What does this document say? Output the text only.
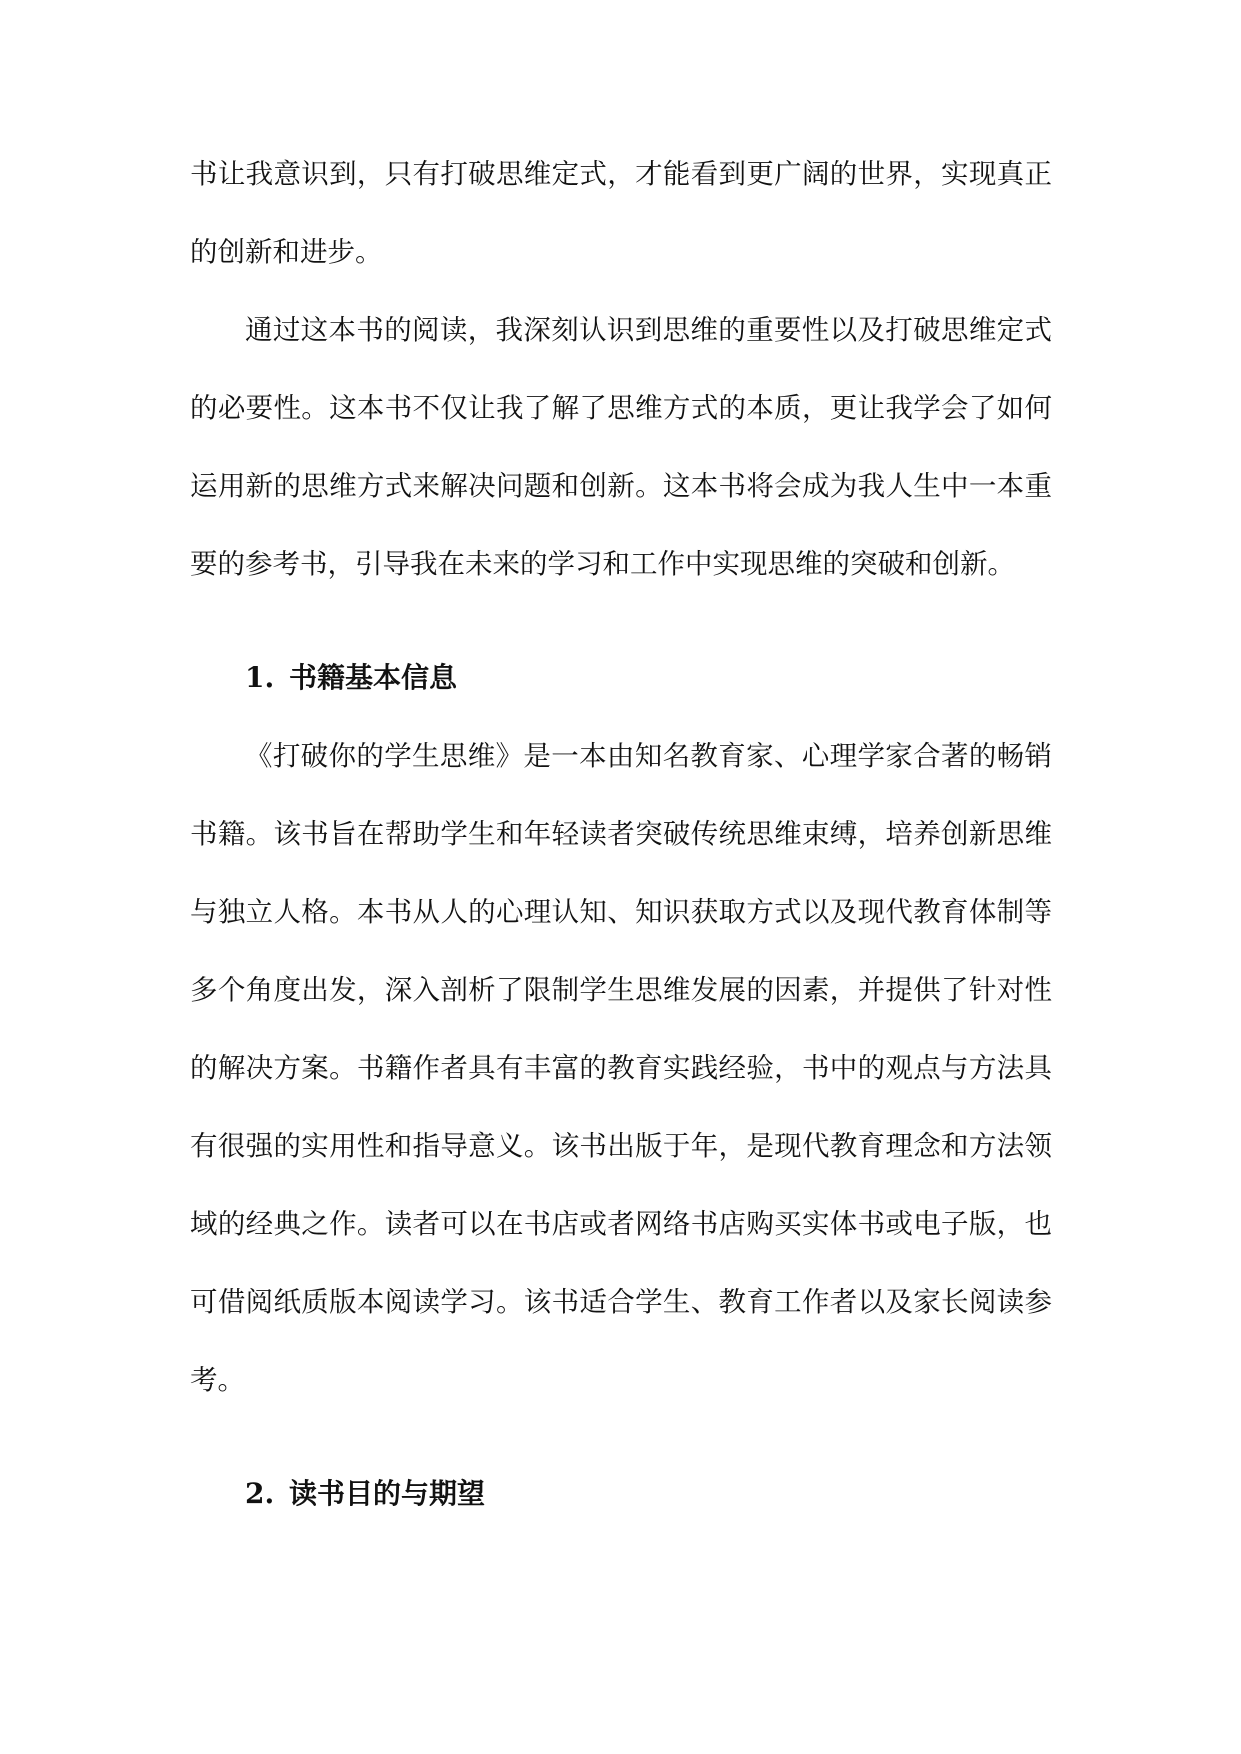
书让我意识到，只有打破思维定式，才能看到更广阔的世界，实现真正的创新和进步。

通过这本书的阅读，我深刻认识到思维的重要性以及打破思维定式的必要性。这本书不仅让我了解了思维方式的本质，更让我学会了如何运用新的思维方式来解决问题和创新。这本书将会成为我人生中一本重要的参考书，引导我在未来的学习和工作中实现思维的突破和创新。

1. 书籍基本信息

《打破你的学生思维》是一本由知名教育家、心理学家合著的畅销书籍。该书旨在帮助学生和年轻读者突破传统思维束缚，培养创新思维与独立人格。本书从人的心理认知、知识获取方式以及现代教育体制等多个角度出发，深入剖析了限制学生思维发展的因素，并提供了针对性的解决方案。书籍作者具有丰富的教育实践经验，书中的观点与方法具有很强的实用性和指导意义。该书出版于年，是现代教育理念和方法领域的经典之作。读者可以在书店或者网络书店购买实体书或电子版，也可借阅纸质版本阅读学习。该书适合学生、教育工作者以及家长阅读参考。

2. 读书目的与期望
